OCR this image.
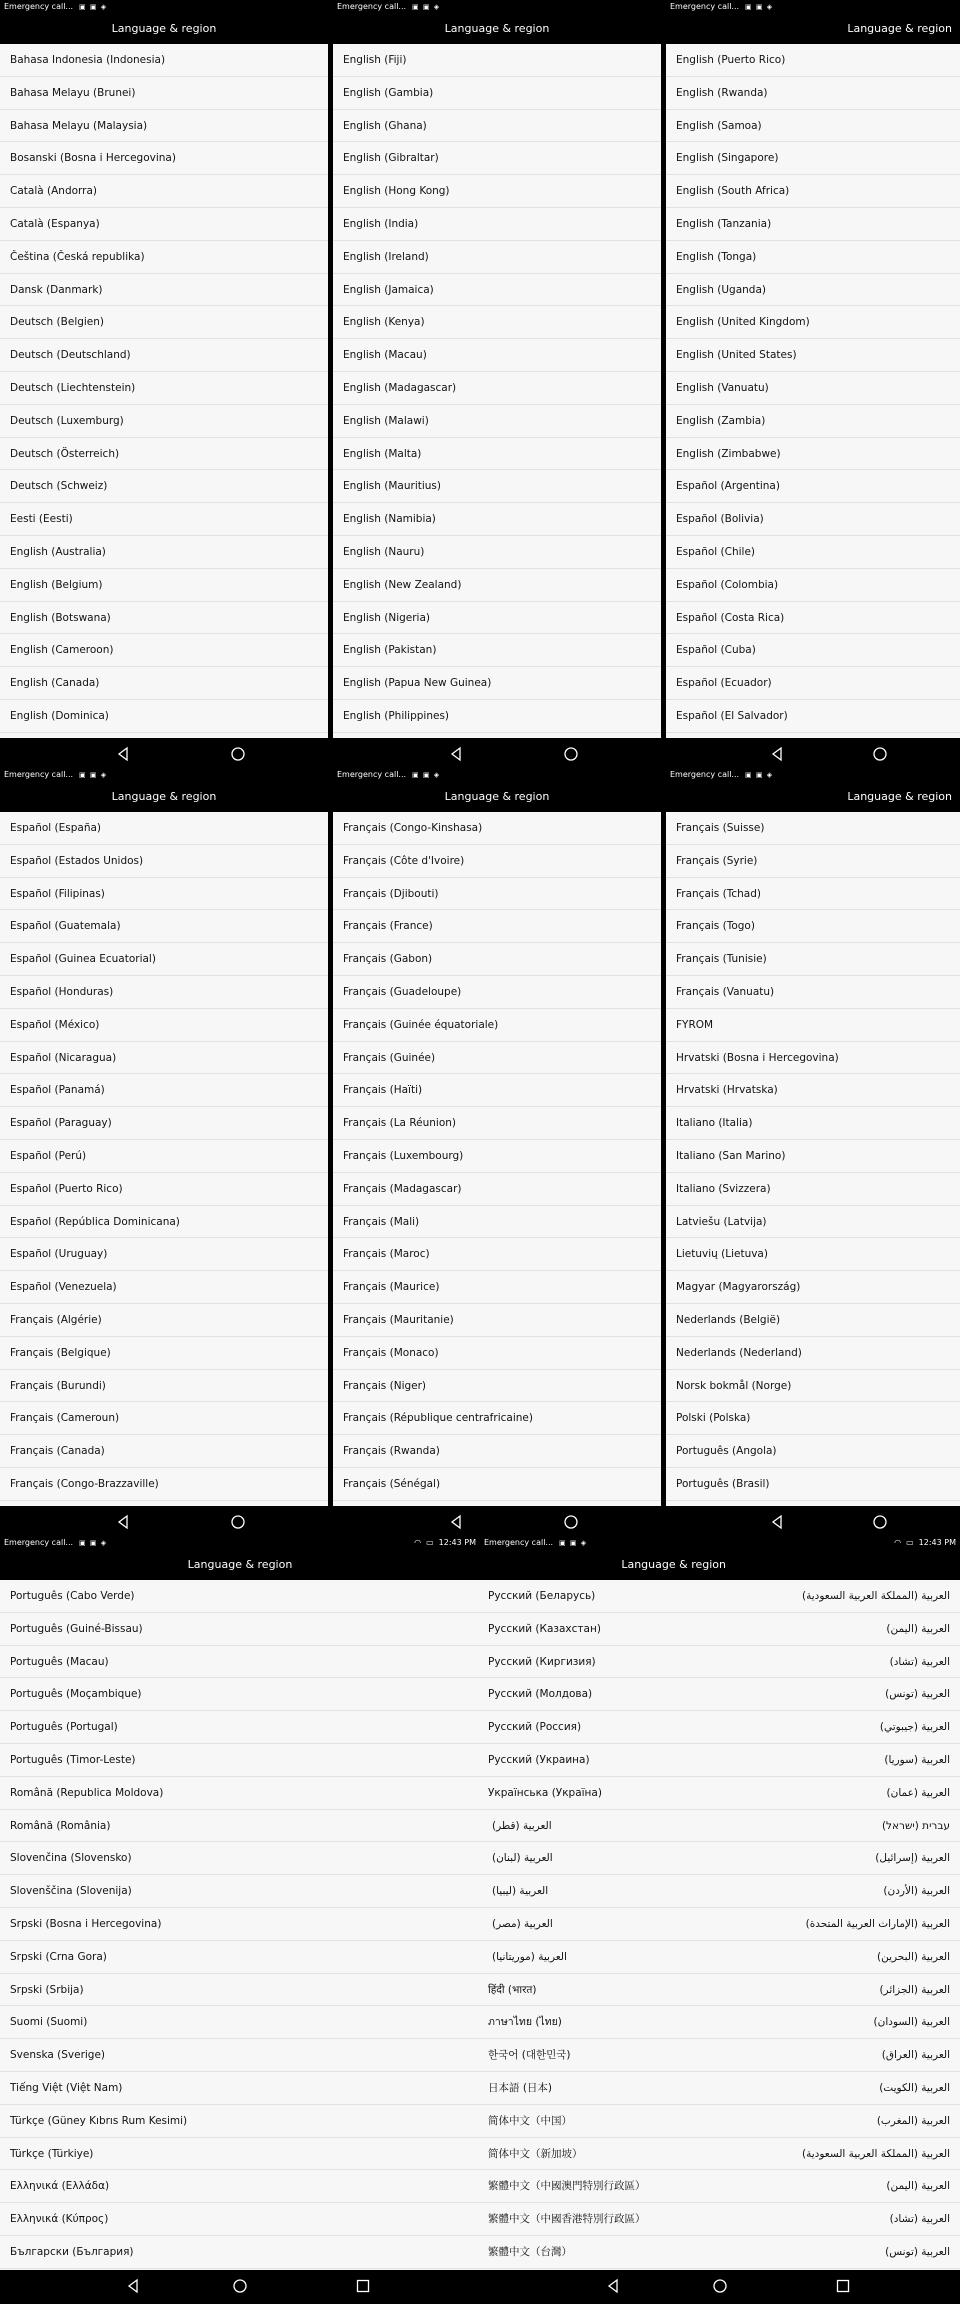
Emergency call... ▣ ▣ ◈
Language & region
Bahasa Indonesia (Indonesia)
Bahasa Melayu (Brunei)
Bahasa Melayu (Malaysia)
Bosanski (Bosna i Hercegovina)
Català (Andorra)
Català (Espanya)
Čeština (Česká republika)
Dansk (Danmark)
Deutsch (Belgien)
Deutsch (Deutschland)
Deutsch (Liechtenstein)
Deutsch (Luxemburg)
Deutsch (Österreich)
Deutsch (Schweiz)
Eesti (Eesti)
English (Australia)
English (Belgium)
English (Botswana)
English (Cameroon)
English (Canada)
English (Dominica)
Emergency call... ▣ ▣ ◈
Language & region
English (Fiji)
English (Gambia)
English (Ghana)
English (Gibraltar)
English (Hong Kong)
English (India)
English (Ireland)
English (Jamaica)
English (Kenya)
English (Macau)
English (Madagascar)
English (Malawi)
English (Malta)
English (Mauritius)
English (Namibia)
English (Nauru)
English (New Zealand)
English (Nigeria)
English (Pakistan)
English (Papua New Guinea)
English (Philippines)
Emergency call... ▣ ▣ ◈
Language & region
English (Puerto Rico)
English (Rwanda)
English (Samoa)
English (Singapore)
English (South Africa)
English (Tanzania)
English (Tonga)
English (Uganda)
English (United Kingdom)
English (United States)
English (Vanuatu)
English (Zambia)
English (Zimbabwe)
Español (Argentina)
Español (Bolivia)
Español (Chile)
Español (Colombia)
Español (Costa Rica)
Español (Cuba)
Español (Ecuador)
Español (El Salvador)
Emergency call... ▣ ▣ ◈
Language & region
Español (España)
Español (Estados Unidos)
Español (Filipinas)
Español (Guatemala)
Español (Guinea Ecuatorial)
Español (Honduras)
Español (México)
Español (Nicaragua)
Español (Panamá)
Español (Paraguay)
Español (Perú)
Español (Puerto Rico)
Español (República Dominicana)
Español (Uruguay)
Español (Venezuela)
Français (Algérie)
Français (Belgique)
Français (Burundi)
Français (Cameroun)
Français (Canada)
Français (Congo-Brazzaville)
Emergency call... ▣ ▣ ◈
Language & region
Français (Congo-Kinshasa)
Français (Côte d'Ivoire)
Français (Djibouti)
Français (France)
Français (Gabon)
Français (Guadeloupe)
Français (Guinée équatoriale)
Français (Guinée)
Français (Haïti)
Français (La Réunion)
Français (Luxembourg)
Français (Madagascar)
Français (Mali)
Français (Maroc)
Français (Maurice)
Français (Mauritanie)
Français (Monaco)
Français (Niger)
Français (République centrafricaine)
Français (Rwanda)
Français (Sénégal)
Emergency call... ▣ ▣ ◈
Language & region
Français (Suisse)
Français (Syrie)
Français (Tchad)
Français (Togo)
Français (Tunisie)
Français (Vanuatu)
FYROM
Hrvatski (Bosna i Hercegovina)
Hrvatski (Hrvatska)
Italiano (Italia)
Italiano (San Marino)
Italiano (Svizzera)
Latviešu (Latvija)
Lietuvių (Lietuva)
Magyar (Magyarország)
Nederlands (België)
Nederlands (Nederland)
Norsk bokmål (Norge)
Polski (Polska)
Português (Angola)
Português (Brasil)
Emergency call... ▣ ▣ ◈	◠ ▭ 12:43 PM
Language & region
Português (Cabo Verde)
Português (Guiné-Bissau)
Português (Macau)
Português (Moçambique)
Português (Portugal)
Português (Timor-Leste)
Română (Republica Moldova)
Română (România)
Slovenčina (Slovensko)
Slovenščina (Slovenija)
Srpski (Bosna i Hercegovina)
Srpski (Crna Gora)
Srpski (Srbija)
Suomi (Suomi)
Svenska (Sverige)
Tiếng Việt (Việt Nam)
Türkçe (Güney Kıbrıs Rum Kesimi)
Türkçe (Türkiye)
Ελληνικά (Ελλάδα)
Ελληνικά (Κύπρος)
Български (България)
Emergency call... ▣ ▣ ◈	◠ ▭ 12:43 PM
Language & region
Русский (Беларусь)
Русский (Казахстан)
Русский (Киргизия)
Русский (Молдова)
Русский (Россия)
Русский (Украина)
Українська (Україна)
العربية (قطر)
العربية (لبنان)
العربية (ليبيا)
العربية (مصر)
العربية (موريتانيا)
हिंदी (भारत)
ภาษาไทย (ไทย)
한국어 (대한민국)
日本語 (日本)
简体中文（中国）
简体中文（新加坡）
繁體中文（中國澳門特別行政區）
繁體中文（中國香港特別行政區）
繁體中文（台灣）
العربية (المملكة العربية السعودية)
العربية (اليمن)
العربية (تشاد)
العربية (تونس)
العربية (جيبوتي)
العربية (سوريا)
العربية (عمان)
עברית (ישראל)
العربية (إسرائيل)
العربية (الأردن)
العربية (الإمارات العربية المتحدة)
العربية (البحرين)
العربية (الجزائر)
العربية (السودان)
العربية (العراق)
العربية (الكويت)
العربية (المغرب)
العربية (المملكة العربية السعودية)
العربية (اليمن)
العربية (تشاد)
العربية (تونس)
